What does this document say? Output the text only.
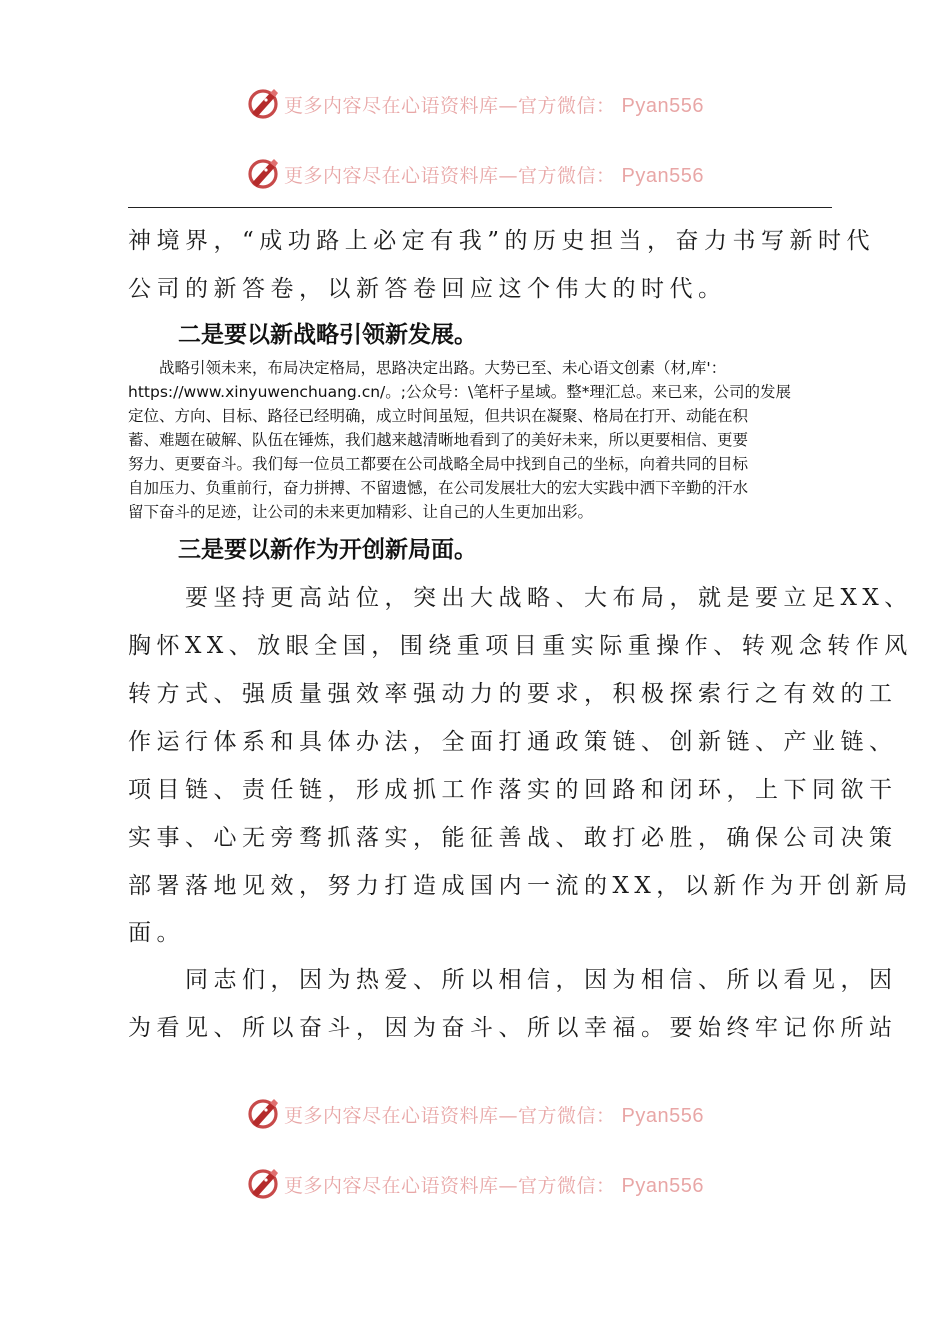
更多内容尽在心语资料库—官方微信： Pyan556
更多内容尽在心语资料库—官方微信： Pyan556
神境界，“成功路上必定有我”的历史担当，奋力书写新时代
公司的新答卷，以新答卷回应这个伟大的时代。
二是要以新战略引领新发展。
　　战略引领未来，布局决定格局，思路决定出路。大势已至、未心语文创素（材,库'：
https://www.xinyuwenchuang.cn/。;公众号：\笔杆子星域。整*理汇总。来已来，公司的发展
定位、方向、目标、路径已经明确，成立时间虽短，但共识在凝聚、格局在打开、动能在积
蓄、难题在破解、队伍在锤炼，我们越来越清晰地看到了的美好未来，所以更要相信、更要
努力、更要奋斗。我们每一位员工都要在公司战略全局中找到自己的坐标，向着共同的目标
自加压力、负重前行，奋力拼搏、不留遗憾，在公司发展壮大的宏大实践中洒下辛勤的汗水
留下奋斗的足迹，让公司的未来更加精彩、让自己的人生更加出彩。
三是要以新作为开创新局面。
　　要坚持更高站位，突出大战略、大布局，就是要立足XX、
胸怀XX、放眼全国，围绕重项目重实际重操作、转观念转作风
转方式、强质量强效率强动力的要求，积极探索行之有效的工
作运行体系和具体办法，全面打通政策链、创新链、产业链、
项目链、责任链，形成抓工作落实的回路和闭环，上下同欲干
实事、心无旁骛抓落实，能征善战、敢打必胜，确保公司决策
部署落地见效，努力打造成国内一流的XX，以新作为开创新局
面。
　　同志们，因为热爱、所以相信，因为相信、所以看见，因
为看见、所以奋斗，因为奋斗、所以幸福。要始终牢记你所站
更多内容尽在心语资料库—官方微信： Pyan556
更多内容尽在心语资料库—官方微信： Pyan556
